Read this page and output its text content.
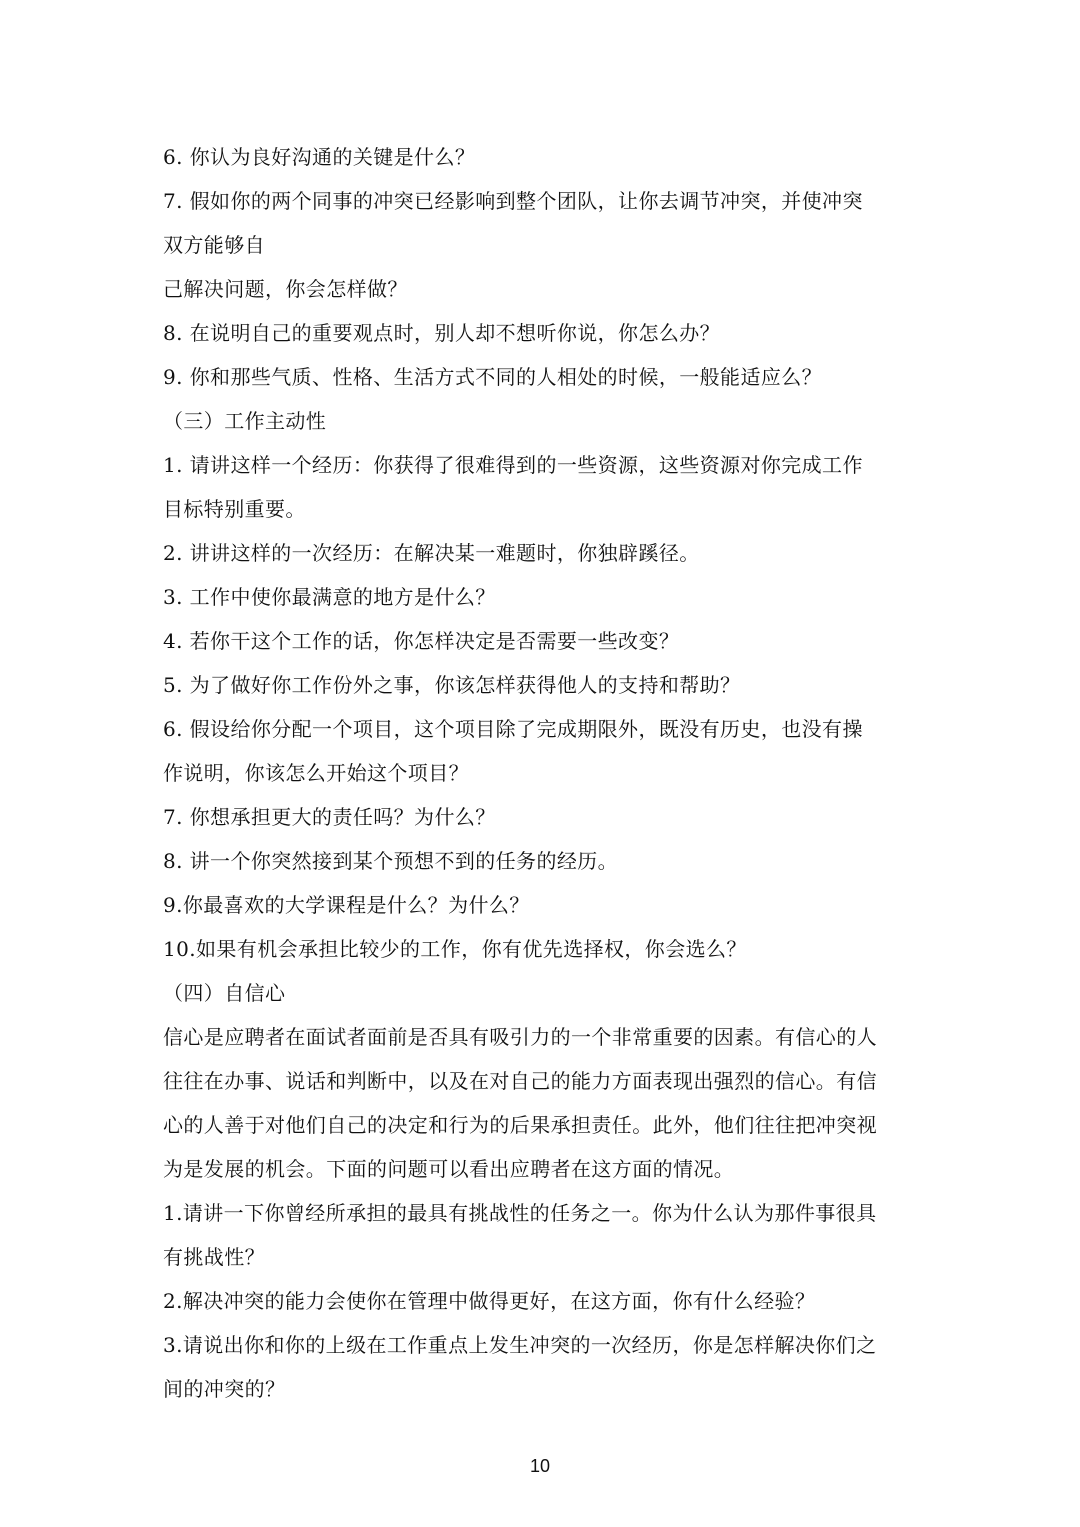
6. 你认为良好沟通的关键是什么？
7. 假如你的两个同事的冲突已经影响到整个团队，让你去调节冲突，并使冲突
双方能够自
己解决问题，你会怎样做？
8. 在说明自己的重要观点时，别人却不想听你说，你怎么办？
9. 你和那些气质、性格、生活方式不同的人相处的时候，一般能适应么？
（三）工作主动性
1. 请讲这样一个经历：你获得了很难得到的一些资源，这些资源对你完成工作
目标特别重要。
2. 讲讲这样的一次经历：在解决某一难题时，你独辟蹊径。
3. 工作中使你最满意的地方是什么？
4. 若你干这个工作的话，你怎样决定是否需要一些改变？
5. 为了做好你工作份外之事，你该怎样获得他人的支持和帮助？
6. 假设给你分配一个项目，这个项目除了完成期限外，既没有历史，也没有操
作说明，你该怎么开始这个项目？
7. 你想承担更大的责任吗？为什么？
8. 讲一个你突然接到某个预想不到的任务的经历。
9.你最喜欢的大学课程是什么？为什么？
10.如果有机会承担比较少的工作，你有优先选择权，你会选么？
（四）自信心
信心是应聘者在面试者面前是否具有吸引力的一个非常重要的因素。有信心的人
往往在办事、说话和判断中，以及在对自己的能力方面表现出强烈的信心。有信
心的人善于对他们自己的决定和行为的后果承担责任。此外，他们往往把冲突视
为是发展的机会。下面的问题可以看出应聘者在这方面的情况。
1.请讲一下你曾经所承担的最具有挑战性的任务之一。你为什么认为那件事很具
有挑战性？
2.解决冲突的能力会使你在管理中做得更好，在这方面，你有什么经验？
3.请说出你和你的上级在工作重点上发生冲突的一次经历，你是怎样解决你们之
间的冲突的？
10
